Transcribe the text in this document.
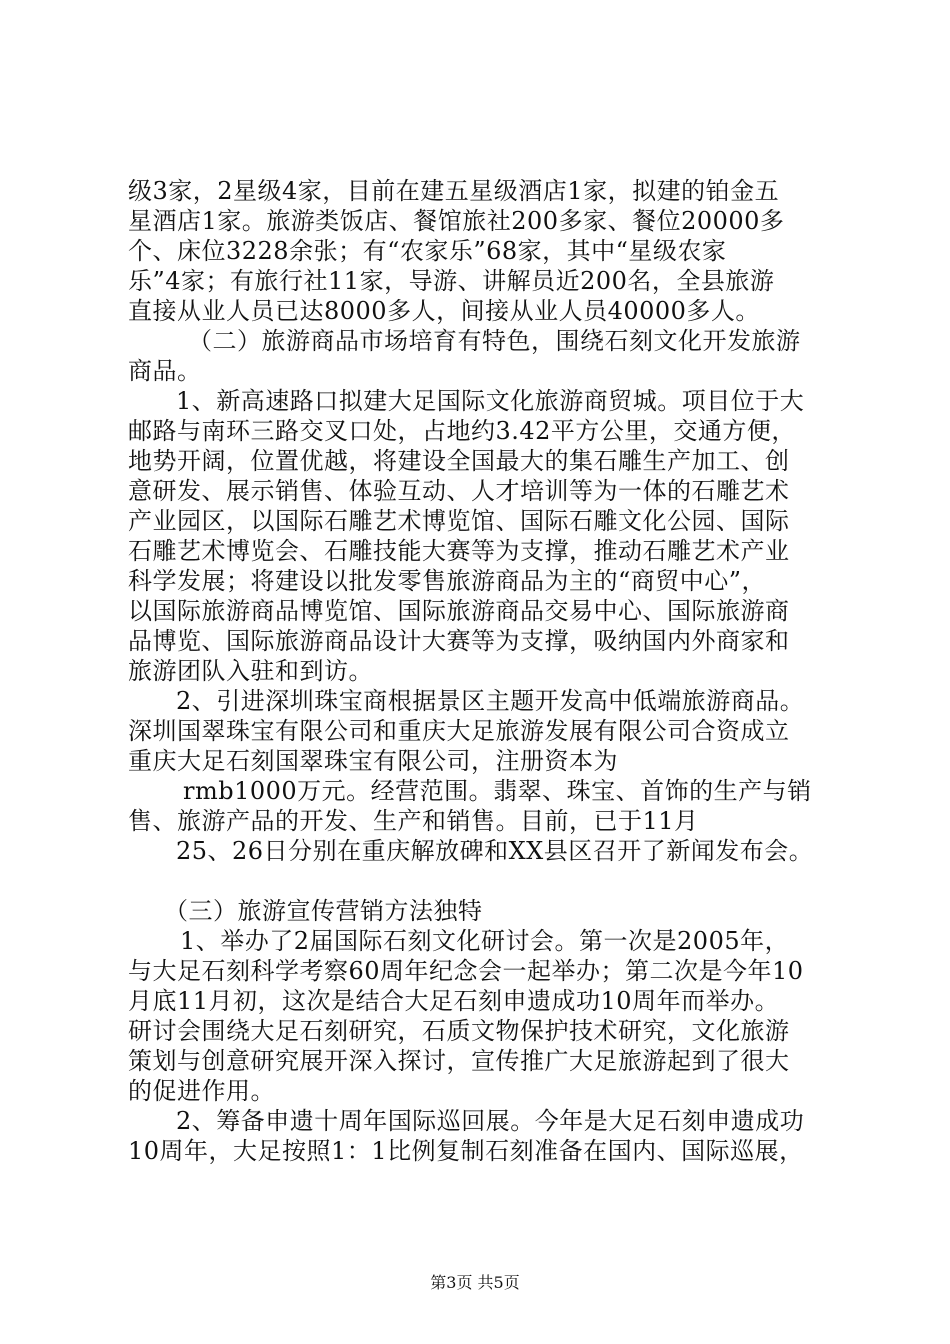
级3家，2星级4家，目前在建五星级酒店1家，拟建的铂金五
星酒店1家。旅游类饭店、餐馆旅社200多家、餐位20000多
个、床位3228余张；有“农家乐”68家，其中“星级农家
乐”4家；有旅行社11家，导游、讲解员近200名，全县旅游
直接从业人员已达8000多人，间接从业人员40000多人。
（二）旅游商品市场培育有特色，围绕石刻文化开发旅游
商品。
1、新高速路口拟建大足国际文化旅游商贸城。项目位于大
邮路与南环三路交叉口处，占地约3.42平方公里，交通方便，
地势开阔，位置优越，将建设全国最大的集石雕生产加工、创
意研发、展示销售、体验互动、人才培训等为一体的石雕艺术
产业园区，以国际石雕艺术博览馆、国际石雕文化公园、国际
石雕艺术博览会、石雕技能大赛等为支撑，推动石雕艺术产业
科学发展；将建设以批发零售旅游商品为主的“商贸中心”，
以国际旅游商品博览馆、国际旅游商品交易中心、国际旅游商
品博览、国际旅游商品设计大赛等为支撑，吸纳国内外商家和
旅游团队入驻和到访。
2、引进深圳珠宝商根据景区主题开发高中低端旅游商品。
深圳国翠珠宝有限公司和重庆大足旅游发展有限公司合资成立
重庆大足石刻国翠珠宝有限公司，注册资本为
rmb1000万元。经营范围。翡翠、珠宝、首饰的生产与销
售、旅游产品的开发、生产和销售。目前，已于11月
25、26日分别在重庆解放碑和XX县区召开了新闻发布会。
（三）旅游宣传营销方法独特
1、举办了2届国际石刻文化研讨会。第一次是2005年，
与大足石刻科学考察60周年纪念会一起举办；第二次是今年10
月底11月初，这次是结合大足石刻申遗成功10周年而举办。
研讨会围绕大足石刻研究，石质文物保护技术研究，文化旅游
策划与创意研究展开深入探讨，宣传推广大足旅游起到了很大
的促进作用。
2、筹备申遗十周年国际巡回展。今年是大足石刻申遗成功
10周年，大足按照1：1比例复制石刻准备在国内、国际巡展，
第3页 共5页
